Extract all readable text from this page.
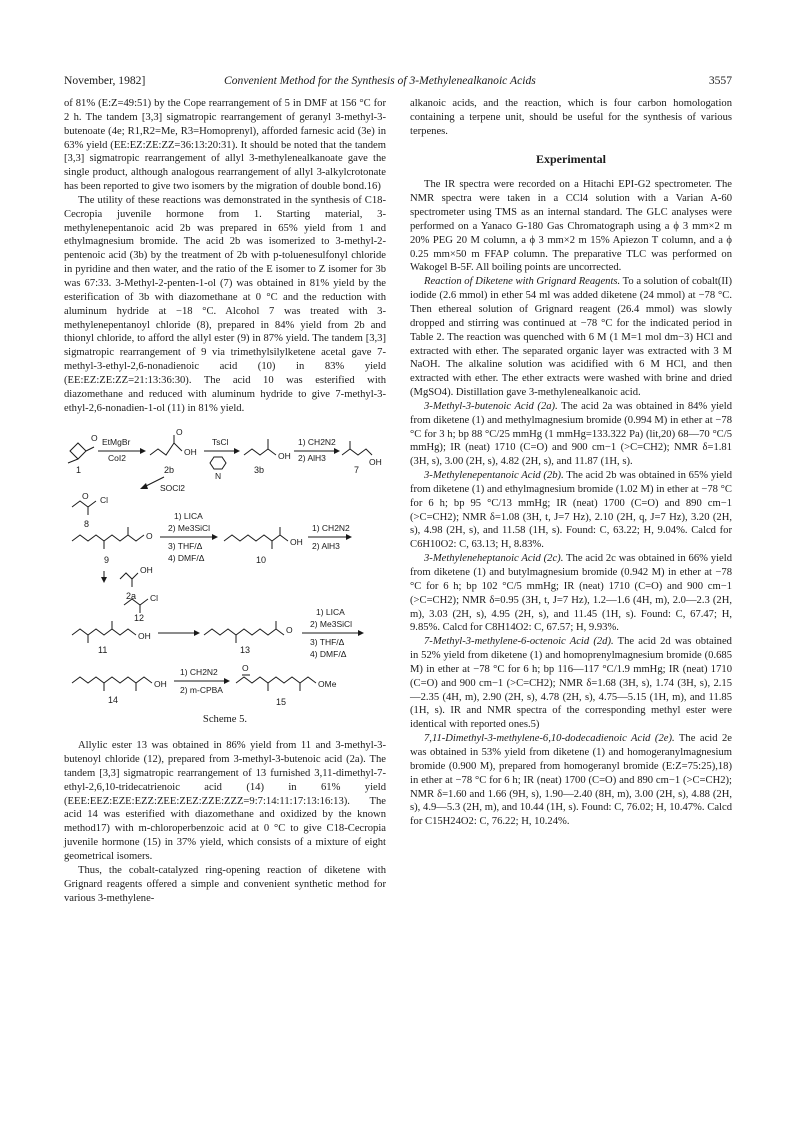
November, 1982]	Convenient Method for the Synthesis of 3-Methylenealkanoic Acids	3557

of 81% (E:Z=49:51) by the Cope rearrangement of 5 in DMF at 156 °C for 2 h. The tandem [3,3] sigmatropic rearrangement of geranyl 3-methyl-3-butenoate (4e; R1,R2=Me, R3=Homoprenyl), afforded farnesic acid (3e) in 63% yield (EE:EZ:ZE:ZZ=36:13:20:31). It should be noted that the tandem [3,3] sigmatropic rearrangement of allyl 3-methylenealkanoate gave the single product, although analogous rearrangement of allyl 3-alkylcrotonate has been reported to give two isomers by the migration of double bond.16)

The utility of these reactions was demonstrated in the synthesis of C18-Cecropia juvenile hormone from 1. Starting material, 3-methylenepentanoic acid 2b was prepared in 65% yield from 1 and ethylmagnesium bromide. The acid 2b was isomerized to 3-methyl-2-pentenoic acid (3b) by the treatment of 2b with p-toluenesulfonyl chloride in pyridine and then water, and the ratio of the E isomer to Z isomer for 3b was 67:33. 3-Methyl-2-penten-1-ol (7) was obtained in 81% yield by the esterification of 3b with diazomethane at 0 °C and the reduction with aluminum hydride at −18 °C. Alcohol 7 was treated with 3-methylenepentanoyl chloride (8), prepared in 84% yield from 2b and thionyl chloride, to afford the allyl ester (9) in 87% yield. The tandem [3,3] sigmatropic rearrangement of 9 via trimethylsilylketene acetal gave 7-methyl-3-ethyl-2,6-nonadienoic acid (10) in 83% yield (EE:EZ:ZE:ZZ=21:13:36:30). The acid 10 was esterified with diazomethane and reduced with aluminum hydride to give 7-methyl-3-ethyl-2,6-nonadien-1-ol (11) in 81% yield.

O
1
EtMgBr
CoI2
OH
O
2b
TsCl
N
OH
3b
1) CH2N2
2) AlH3	OH
7
SOCl2
Cl
O
8
O
9
1) LICA
2) Me3SiCl
3) THF/Δ
4) DMF/Δ
OH
10
1) CH2N2
2) AlH3
OH
2a Cl
12
OH
11
O
13
1) LICA
2) Me3SiCl
3) THF/Δ
4) DMF/Δ
OH
14
1) CH2N2
2) m-CPBA
O
OMe
15

Scheme 5.

Allylic ester 13 was obtained in 86% yield from 11 and 3-methyl-3-butenoyl chloride (12), prepared from 3-methyl-3-butenoic acid (2a). The tandem [3,3] sigmatropic rearrangement of 13 furnished 3,11-dimethyl-7-ethyl-2,6,10-tridecatrienoic acid (14) in 61% yield (EEE:EEZ:EZE:EZZ:ZEE:ZEZ:ZZE:ZZZ=9:7:14:11:17:13:16:13). The acid 14 was esterified with diazomethane and oxidized by the known method17) with m-chloroperbenzoic acid at 0 °C to give C18-Cecropia juvenile hormone (15) in 37% yield, which consists of a mixture of eight geometrical isomers.

Thus, the cobalt-catalyzed ring-opening reaction of diketene with Grignard reagents offered a simple and convenient synthetic method for various 3-methylene-

alkanoic acids, and the reaction, which is four carbon homologation containing a terpene unit, should be useful for the synthesis of various terpenes.

Experimental

The IR spectra were recorded on a Hitachi EPI-G2 spectrometer. The NMR spectra were taken in a CCl4 solution with a Varian A-60 spectrometer using TMS as an internal standard. The GLC analyses were performed on a Yanaco G-180 Gas Chromatograph using a ϕ 3 mm×2 m 20% PEG 20 M column, a ϕ 3 mm×2 m 15% Apiezon T column, and a ϕ 0.25 mm×50 m FFAP column. The preparative TLC was performed on Wakogel B-5F. All boiling points are uncorrected.

Reaction of Diketene with Grignard Reagents. To a solution of cobalt(II) iodide (2.6 mmol) in ether 54 ml was added diketene (24 mmol) at −78 °C. Then ethereal solution of Grignard reagent (26.4 mmol) was slowly dropped and stirring was continued at −78 °C for the indicated period in Table 2. The reaction was quenched with 6 M (1 M=1 mol dm−3) HCl and extracted with ether. The separated organic layer was extracted with 3 M NaOH. The alkaline solution was acidified with 6 M HCl, and then extracted with ether. The ether extracts were washed with brine and dried (MgSO4). Distillation gave 3-methylenealkanoic acid.

3-Methyl-3-butenoic Acid (2a). The acid 2a was obtained in 84% yield from diketene (1) and methylmagnesium bromide (0.994 M) in ether at −78 °C for 3 h; bp 88 °C/25 mmHg (1 mmHg=133.322 Pa) (lit,20) 68—70 °C/5 mmHg); IR (neat) 1710 (C=O) and 900 cm−1 (>C=CH2); NMR δ=1.81 (3H, s), 3.00 (2H, s), 4.82 (2H, s), and 11.87 (1H, s).

3-Methylenepentanoic Acid (2b). The acid 2b was obtained in 65% yield from diketene (1) and ethylmagnesium bromide (1.02 M) in ether at −78 °C for 6 h; bp 95 °C/13 mmHg; IR (neat) 1700 (C=O) and 890 cm−1 (>C=CH2); NMR δ=1.08 (3H, t, J=7 Hz), 2.10 (2H, q, J=7 Hz), 3.20 (2H, s), 4.98 (2H, s), and 11.58 (1H, s). Found: C, 63.22; H, 9.04%. Calcd for C6H10O2: C, 63.13; H, 8.83%.

3-Methyleneheptanoic Acid (2c). The acid 2c was obtained in 66% yield from diketene (1) and butylmagnesium bromide (0.942 M) in ether at −78 °C for 6 h; bp 102 °C/5 mmHg; IR (neat) 1710 (C=O) and 900 cm−1 (>C=CH2); NMR δ=0.95 (3H, t, J=7 Hz), 1.2—1.6 (4H, m), 2.0—2.3 (2H, m), 3.03 (2H, s), 4.95 (2H, s), and 11.45 (1H, s). Found: C, 67.47; H, 9.85%. Calcd for C8H14O2: C, 67.57; H, 9.93%.

7-Methyl-3-methylene-6-octenoic Acid (2d). The acid 2d was obtained in 52% yield from diketene (1) and homoprenylmagnesium bromide (0.685 M) in ether at −78 °C for 6 h; bp 116—117 °C/1.9 mmHg; IR (neat) 1710 (C=O) and 900 cm−1 (>C=CH2); NMR δ=1.68 (3H, s), 1.74 (3H, s), 2.15—2.35 (4H, m), 2.90 (2H, s), 4.78 (2H, s), 4.75—5.15 (1H, m), and 11.85 (1H, s). IR and NMR spectra of the corresponding methyl ester were identical with reported ones.5)

7,11-Dimethyl-3-methylene-6,10-dodecadienoic Acid (2e). The acid 2e was obtained in 53% yield from diketene (1) and homogeranylmagnesium bromide (0.900 M), prepared from homogeranyl bromide (E:Z=75:25),18) in ether at −78 °C for 6 h; IR (neat) 1700 (C=O) and 890 cm−1 (>C=CH2); NMR δ=1.60 and 1.66 (9H, s), 1.90—2.40 (8H, m), 3.00 (2H, s), 4.88 (2H, s), 4.9—5.3 (2H, m), and 10.44 (1H, s). Found: C, 76.02; H, 10.47%. Calcd for C15H24O2: C, 76.22; H, 10.24%.
